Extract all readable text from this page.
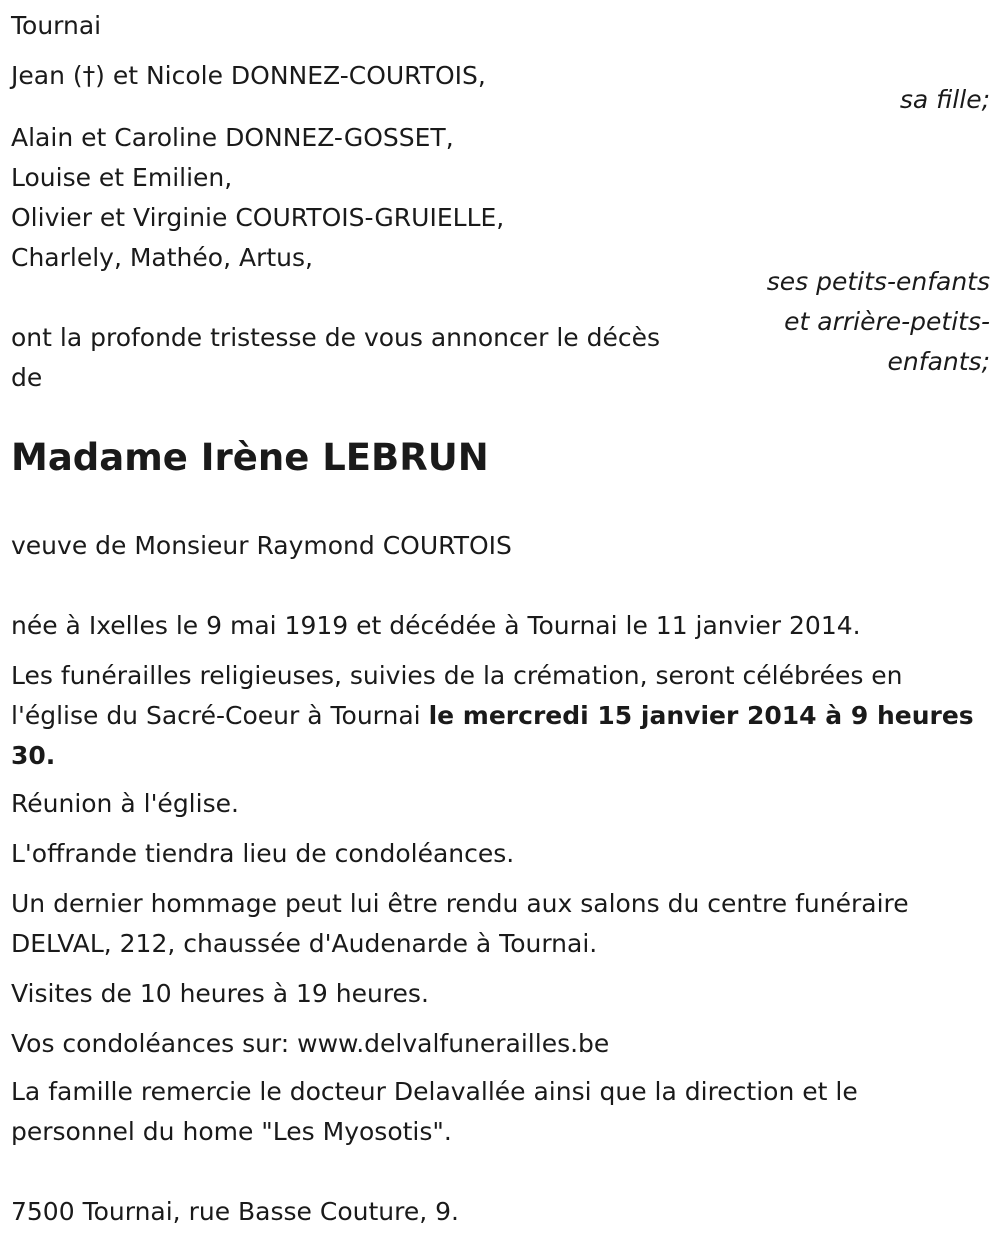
Tournai
Jean (†) et Nicole DONNEZ-COURTOIS,
sa fille;
Alain et Caroline DONNEZ-GOSSET,
Louise et Emilien,
Olivier et Virginie COURTOIS-GRUIELLE,
Charlely, Mathéo, Artus,
ses petits-enfants
et arrière-petits-
enfants;
ont la profonde tristesse de vous annoncer le décès
de
Madame Irène LEBRUN
veuve de Monsieur Raymond COURTOIS
née à Ixelles le 9 mai 1919 et décédée à Tournai le 11 janvier 2014.
Les funérailles religieuses, suivies de la crémation, seront célébrées en
l'église du Sacré-Coeur à Tournai le mercredi 15 janvier 2014 à 9 heures
30.
Réunion à l'église.
L'offrande tiendra lieu de condoléances.
Un dernier hommage peut lui être rendu aux salons du centre funéraire
DELVAL, 212, chaussée d'Audenarde à Tournai.
Visites de 10 heures à 19 heures.
Vos condoléances sur: www.delvalfunerailles.be
La famille remercie le docteur Delavallée ainsi que la direction et le
personnel du home "Les Myosotis".
7500 Tournai, rue Basse Couture, 9.
